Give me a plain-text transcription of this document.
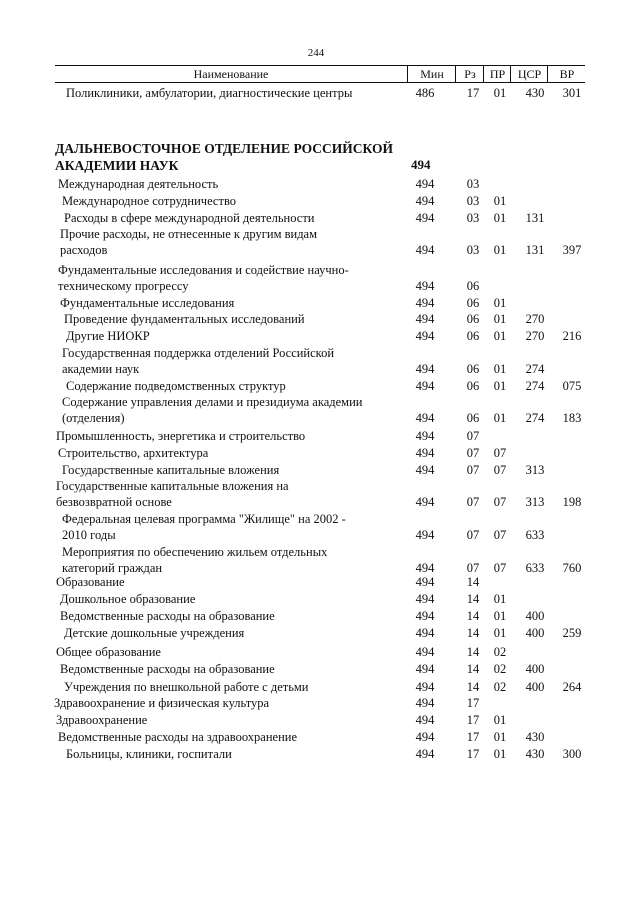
244
Наименование	Мин	Рз	ПР	ЦСР	ВР
Поликлиники, амбулатории, диагностические центры	486	17	01	430	301
ДАЛЬНЕВОСТОЧНОЕ ОТДЕЛЕНИЕ РОССИЙСКОЙ
АКАДЕМИИ НАУК	494
Международная деятельность	494	03
Международное сотрудничество	494	03	01
Расходы в сфере международной деятельности	494	03	01	131
Прочие расходы, не отнесенные к другим видам
расходов	494	03	01	131	397
Фундаментальные исследования и содействие научно-
техническому прогрессу	494	06
Фундаментальные исследования	494	06	01
Проведение фундаментальных исследований	494	06	01	270
Другие НИОКР	494	06	01	270	216
Государственная поддержка отделений Российской
академии наук	494	06	01	274
Содержание подведомственных структур	494	06	01	274	075
Содержание управления делами и президиума академии
(отделения)	494	06	01	274	183
Промышленность, энергетика и строительство	494	07
Строительство, архитектура	494	07	07
Государственные капитальные вложения	494	07	07	313
Государственные капитальные вложения на
безвозвратной основе	494	07	07	313	198
Федеральная целевая программа "Жилище" на 2002 -
2010 годы	494	07	07	633
Мероприятия по обеспечению жильем отдельных
категорий граждан	494	07	07	633	760
Образование	494	14
Дошкольное образование	494	14	01
Ведомственные расходы на образование	494	14	01	400
Детские дошкольные учреждения	494	14	01	400	259
Общее образование	494	14	02
Ведомственные расходы на образование	494	14	02	400
Учреждения по внешкольной работе с детьми	494	14	02	400	264
Здравоохранение и физическая культура	494	17
Здравоохранение	494	17	01
Ведомственные расходы на здравоохранение	494	17	01	430
Больницы, клиники, госпитали	494	17	01	430	300
